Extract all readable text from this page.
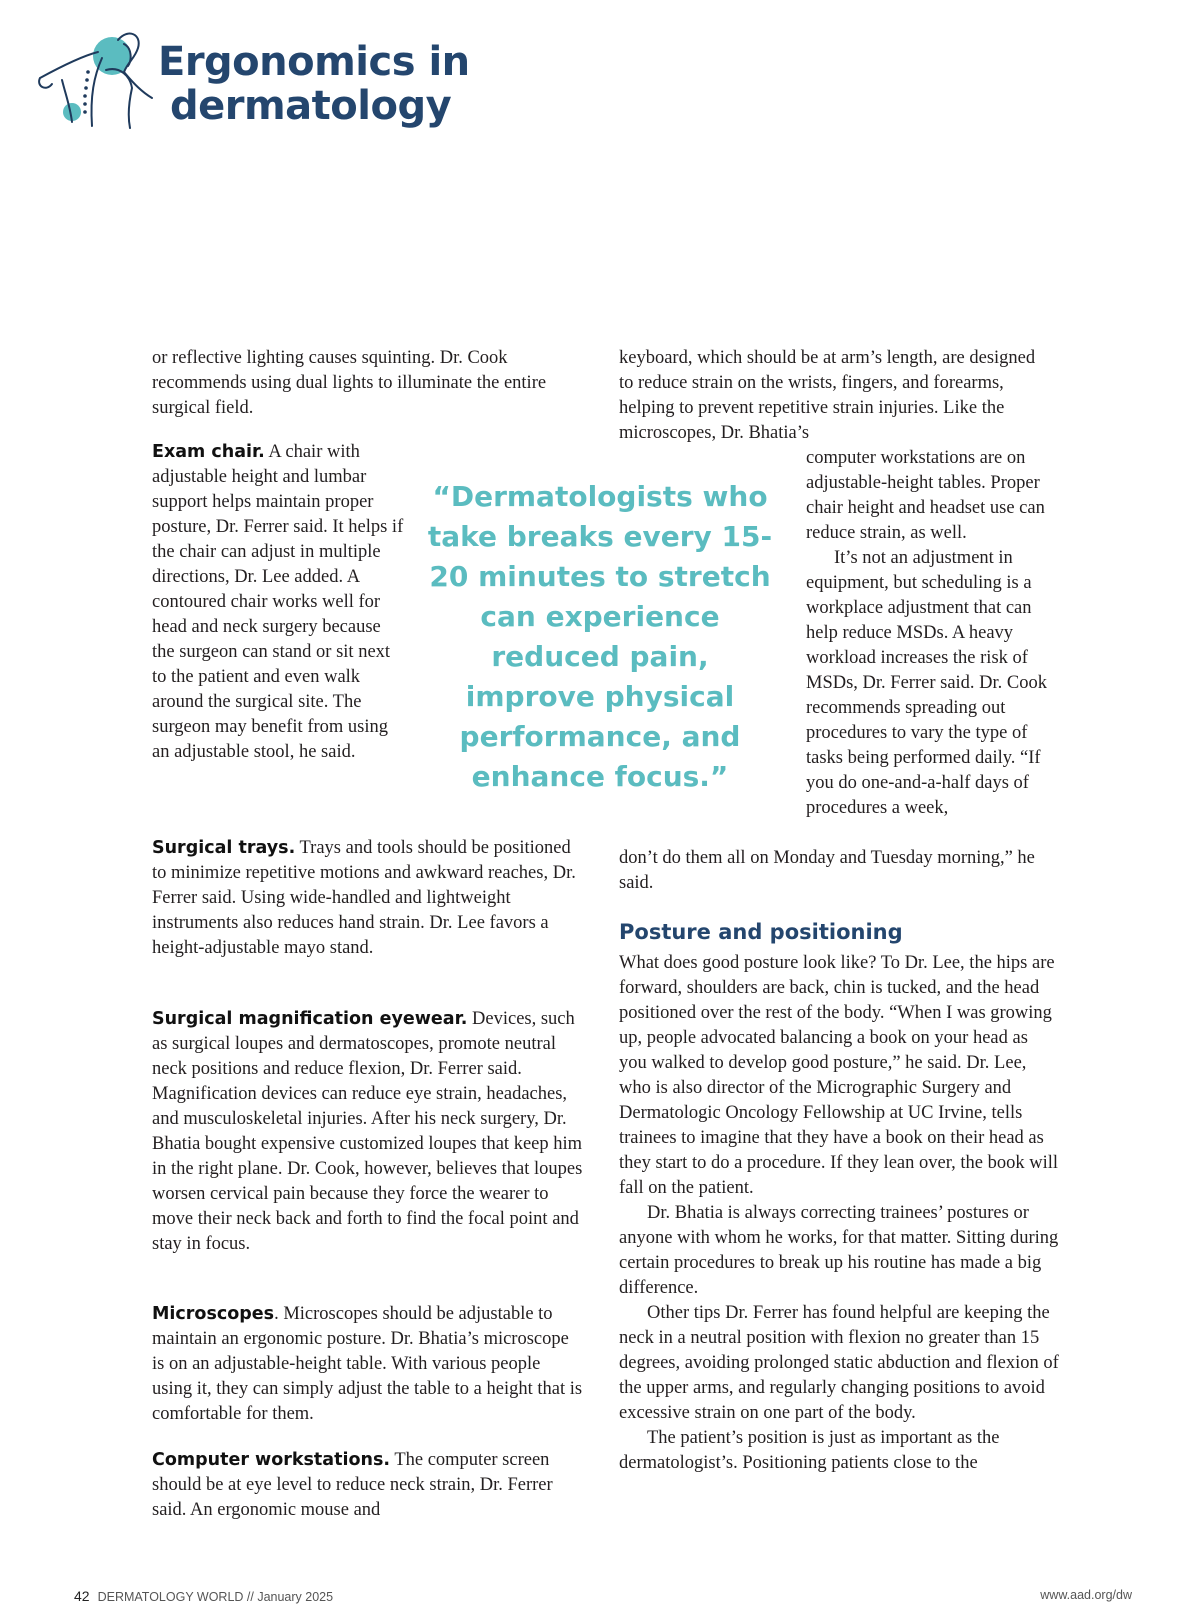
Ergonomics in
dermatology

or reflective lighting causes squinting. Dr. Cook recommends using dual lights to illuminate the entire surgical field.

Exam chair. A chair with adjustable height and lumbar support helps maintain proper posture, Dr. Ferrer said. It helps if the chair can adjust in multiple directions, Dr. Lee added. A contoured chair works well for head and neck surgery because the surgeon can stand or sit next to the patient and even walk around the surgical site. The surgeon may benefit from using an adjustable stool, he said.

Surgical trays. Trays and tools should be positioned to minimize repetitive motions and awkward reaches, Dr. Ferrer said. Using wide-handled and lightweight instruments also reduces hand strain. Dr. Lee favors a height-adjustable mayo stand.

Surgical magnification eyewear. Devices, such as surgical loupes and dermatoscopes, promote neutral neck positions and reduce flexion, Dr. Ferrer said. Magnification devices can reduce eye strain, headaches, and musculoskeletal injuries. After his neck surgery, Dr. Bhatia bought expensive customized loupes that keep him in the right plane. Dr. Cook, however, believes that loupes worsen cervical pain because they force the wearer to move their neck back and forth to find the focal point and stay in focus.

Microscopes. Microscopes should be adjustable to maintain an ergonomic posture. Dr. Bhatia’s microscope is on an adjustable-height table. With various people using it, they can simply adjust the table to a height that is comfortable for them.

Computer workstations. The computer screen should be at eye level to reduce neck strain, Dr. Ferrer said. An ergonomic mouse and

“Dermatologists who take breaks every 15-20 minutes to stretch can experience reduced pain, improve physical performance, and enhance focus.”

keyboard, which should be at arm’s length, are designed to reduce strain on the wrists, fingers, and forearms, helping to prevent repetitive strain injuries. Like the microscopes, Dr. Bhatia’s

computer workstations are on adjustable-height tables. Proper chair height and headset use can reduce strain, as well.

It’s not an adjustment in equipment, but scheduling is a workplace adjustment that can help reduce MSDs. A heavy workload increases the risk of MSDs, Dr. Ferrer said. Dr. Cook recommends spreading out procedures to vary the type of tasks being performed daily. “If you do one-and-a-half days of procedures a week,

don’t do them all on Monday and Tuesday morning,” he said.

Posture and positioning

What does good posture look like? To Dr. Lee, the hips are forward, shoulders are back, chin is tucked, and the head positioned over the rest of the body. “When I was growing up, people advocated balancing a book on your head as you walked to develop good posture,” he said. Dr. Lee, who is also director of the Micrographic Surgery and Dermatologic Oncology Fellowship at UC Irvine, tells trainees to imagine that they have a book on their head as they start to do a procedure. If they lean over, the book will fall on the patient.

Dr. Bhatia is always correcting trainees’ postures or anyone with whom he works, for that matter. Sitting during certain procedures to break up his routine has made a big difference.

Other tips Dr. Ferrer has found helpful are keeping the neck in a neutral position with flexion no greater than 15 degrees, avoiding prolonged static abduction and flexion of the upper arms, and regularly changing positions to avoid excessive strain on one part of the body.

The patient’s position is just as important as the dermatologist’s. Positioning patients close to the

42 DERMATOLOGY WORLD // January 2025	www.aad.org/dw
